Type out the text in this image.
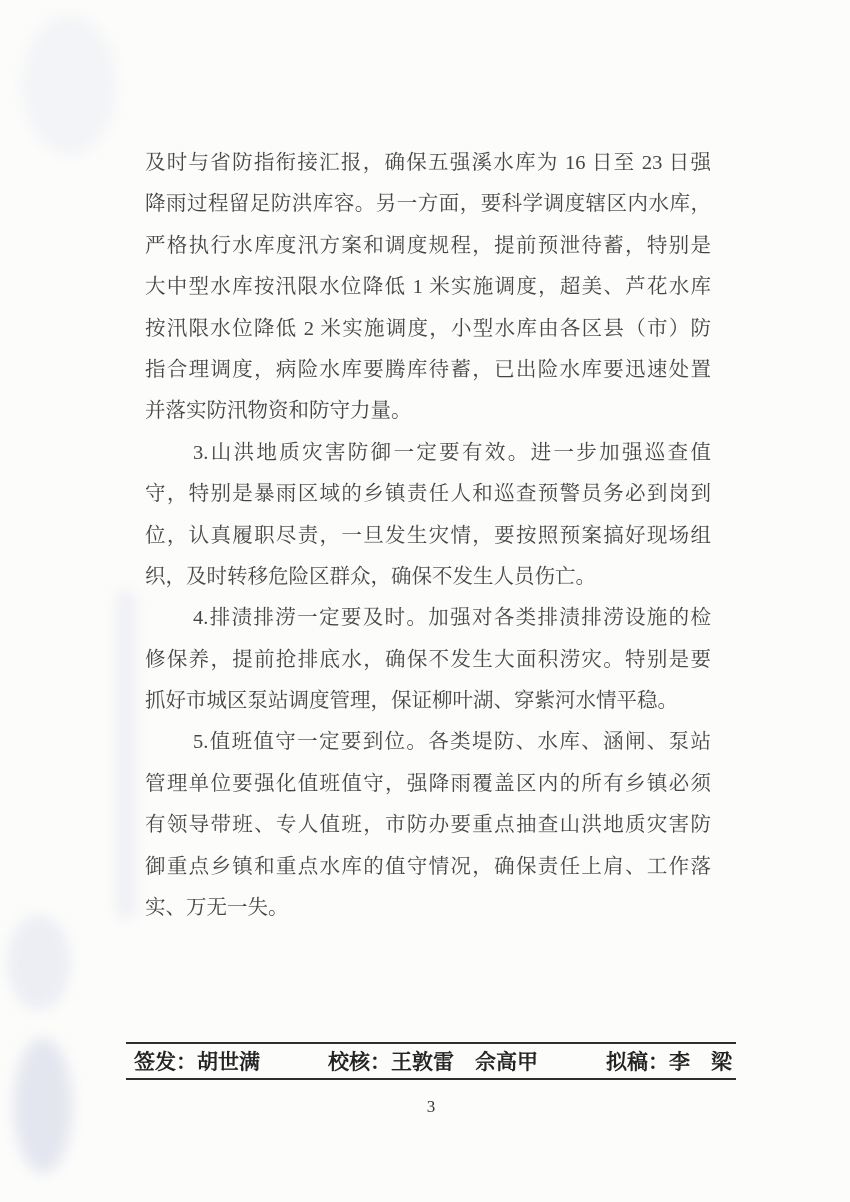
及时与省防指衔接汇报，确保五强溪水库为 16 日至 23 日强
降雨过程留足防洪库容。另一方面，要科学调度辖区内水库，
严格执行水库度汛方案和调度规程，提前预泄待蓄，特别是
大中型水库按汛限水位降低 1 米实施调度，超美、芦花水库
按汛限水位降低 2 米实施调度，小型水库由各区县（市）防
指合理调度，病险水库要腾库待蓄，已出险水库要迅速处置
并落实防汛物资和防守力量。
3.山洪地质灾害防御一定要有效。进一步加强巡查值
守，特别是暴雨区域的乡镇责任人和巡查预警员务必到岗到
位，认真履职尽责，一旦发生灾情，要按照预案搞好现场组
织，及时转移危险区群众，确保不发生人员伤亡。
4.排渍排涝一定要及时。加强对各类排渍排涝设施的检
修保养，提前抢排底水，确保不发生大面积涝灾。特别是要
抓好市城区泵站调度管理，保证柳叶湖、穿紫河水情平稳。
5.值班值守一定要到位。各类堤防、水库、涵闸、泵站
管理单位要强化值班值守，强降雨覆盖区内的所有乡镇必须
有领导带班、专人值班，市防办要重点抽查山洪地质灾害防
御重点乡镇和重点水库的值守情况，确保责任上肩、工作落
实、万无一失。
签发：胡世满	校核：王敦雷　佘高甲	拟稿：李　梁
3
